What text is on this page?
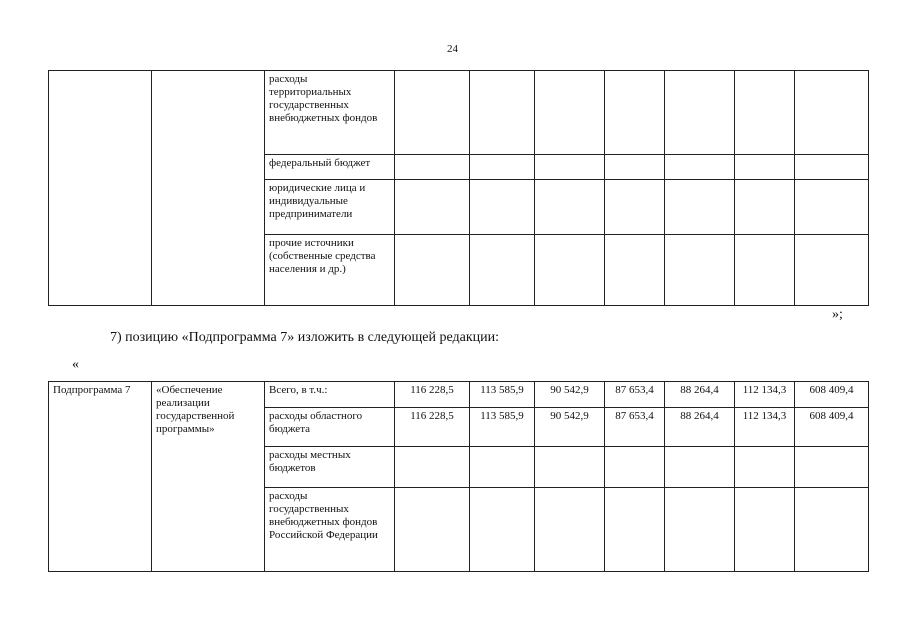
24
		расходы территориальных государственных внебюджетных фондов							
		федеральный бюджет							
		юридические лица и индивидуальные предприниматели							
		прочие источники (собственные средства населения и др.)							
»;
7) позицию «Подпрограмма 7» изложить в следующей редакции:
«
Подпрограмма 7	«Обеспечение реализации государственной программы»	Всего, в т.ч.:	116 228,5	113 585,9	90 542,9	87 653,4	88 264,4	112 134,3	608 409,4
		расходы областного бюджета	116 228,5	113 585,9	90 542,9	87 653,4	88 264,4	112 134,3	608 409,4
		расходы местных бюджетов							
		расходы государственных внебюджетных фондов Российской Федерации							
